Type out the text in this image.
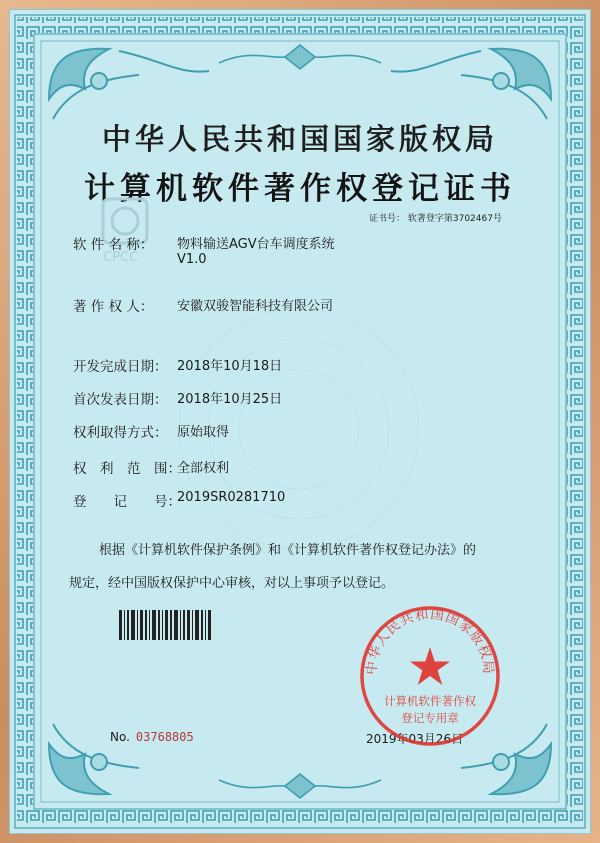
中华人民共和国国家版权局
计算机软件著作权登记证书
证书号： 软著登字第3702467号
CPCC
软 件 名 称： 物料输送AGV台车调度系统
V1.0
著 作 权 人： 安徽双骏智能科技有限公司
开发完成日期： 2018年10月18日
首次发表日期： 2018年10月25日
权利取得方式： 原始取得
权　利　范　围：
全部权利
登　　记　　号：
2019SR0281710
根据《计算机软件保护条例》和《计算机软件著作权登记办法》的
规定，经中国版权保护中心审核，对以上事项予以登记。
No. 03768805	2019年03月26日
中华人民共和国国家版权局
计算机软件著作权
登记专用章
